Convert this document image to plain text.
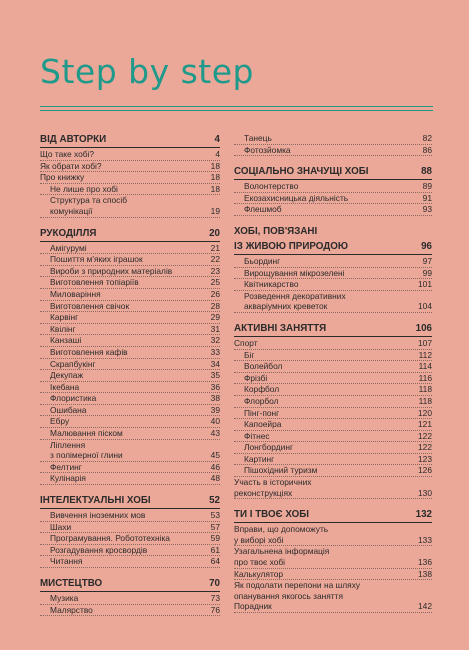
Step by step
ВІД АВТОРКИ	4
Що таке хобі?	4
Як обрати хобі?	18
Про книжку	18
Не лише про хобі	18
Структура та спосіб
комунікації	19
РУКОДІЛЛЯ	20
Амігурумі	21
Пошиття м'яких іграшок	22
Вироби з природних матеріалів	23
Виготовлення топіаріїв	25
Миловаріння	26
Виготовлення свічок	28
Карвінг	29
Квілінг	31
Канзаші	32
Виготовлення кафів	33
Скрапбукінг	34
Декупаж	35
Ікебана	36
Флористика	38
Ошибана	39
Ебру	40
Малювання піском	43
Ліплення
з полімерної глини	45
Фелтинг	46
Кулінарія	48
ІНТЕЛЕКТУАЛЬНІ ХОБІ	52
Вивчення іноземних мов	53
Шахи	57
Програмування. Робототехніка	59
Розгадування кросвордів	61
Читання	64
МИСТЕЦТВО	70
Музика	73
Малярство	76
Танець	82
Фотозйомка	86
СОЦІАЛЬНО ЗНАЧУЩІ ХОБІ	88
Волонтерство	89
Екозахисницька діяльність	91
Флешмоб	93
ХОБІ, ПОВ'ЯЗАНІ
ІЗ ЖИВОЮ ПРИРОДОЮ	96
Бьординг	97
Вирощування мікрозелені	99
Квітникарство	101
Розведення декоративних
акваріумних креветок	104
АКТИВНІ ЗАНЯТТЯ	106
Спорт	107
Біг	112
Волейбол	114
Фрізбі	116
Корфбол	118
Флорбол	118
Пінг-понг	120
Капоейра	121
Фітнес	122
Лонгбординг	122
Картинг	123
Пішохідний туризм	126
Участь в історичних
реконструкціях	130
ТИ І ТВОЄ ХОБІ	132
Вправи, що допоможуть
у виборі хобі	133
Узагальнена інформація
про твоє хобі	136
Калькулятор	138
Як подолати перепони на шляху
опанування якогось заняття
Порадник	142
